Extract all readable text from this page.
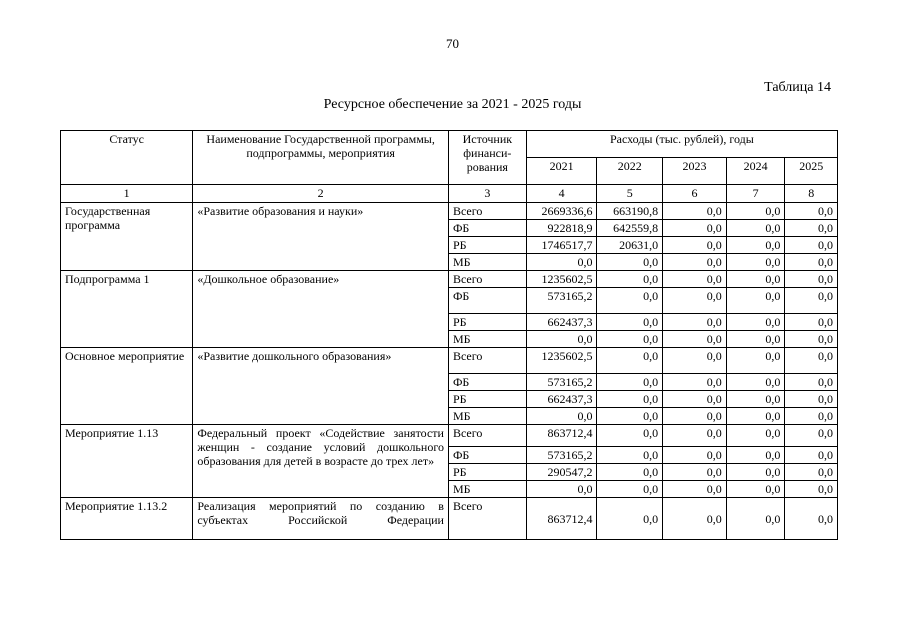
70
Таблица 14
Ресурсное обеспечение за 2021 - 2025 годы
Статус	Наименование Государственной программы, подпрограммы, мероприятия	Источник финанси-рования	Расходы (тыс. рублей), годы				
			2021	2022	2023	2024	2025
1	2	3	4	5	6	7	8
Государственная программа	«Развитие образования и науки»	Всего	2669336,6	663190,8	0,0	0,0	0,0
		ФБ	922818,9	642559,8	0,0	0,0	0,0
		РБ	1746517,7	20631,0	0,0	0,0	0,0
		МБ	0,0	0,0	0,0	0,0	0,0
Подпрограмма 1	«Дошкольное образование»	Всего	1235602,5	0,0	0,0	0,0	0,0
		ФБ	573165,2	0,0	0,0	0,0	0,0
		РБ	662437,3	0,0	0,0	0,0	0,0
		МБ	0,0	0,0	0,0	0,0	0,0
Основное мероприятие	«Развитие дошкольного образования»	Всего	1235602,5	0,0	0,0	0,0	0,0
		ФБ	573165,2	0,0	0,0	0,0	0,0
		РБ	662437,3	0,0	0,0	0,0	0,0
		МБ	0,0	0,0	0,0	0,0	0,0
Мероприятие 1.13	Федеральный проект «Содействие занятости женщин - создание условий дошкольного образования для детей в возрасте до трех лет»	Всего	863712,4	0,0	0,0	0,0	0,0
		ФБ	573165,2	0,0	0,0	0,0	0,0
		РБ	290547,2	0,0	0,0	0,0	0,0
		МБ	0,0	0,0	0,0	0,0	0,0
Мероприятие 1.13.2	Реализация мероприятий по созданию в субъектах Российской Федерации	Всего	863712,4	0,0	0,0	0,0	0,0
